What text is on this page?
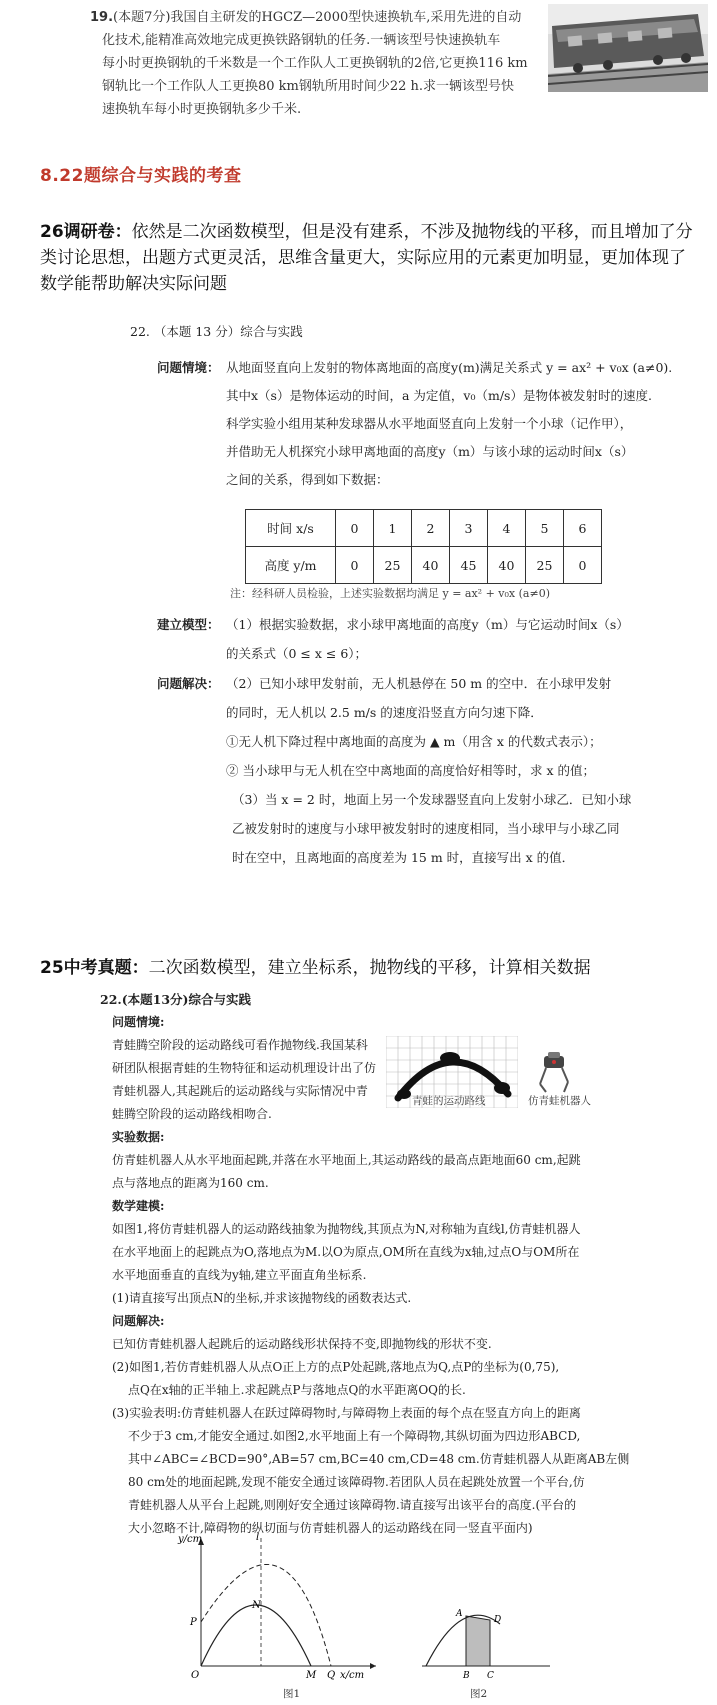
19.(本题7分)我国自主研发的HGCZ—2000型快速换轨车,采用先进的自动
化技术,能精准高效地完成更换铁路钢轨的任务.一辆该型号快速换轨车
每小时更换钢轨的千米数是一个工作队人工更换钢轨的2倍,它更换116 km
钢轨比一个工作队人工更换80 km钢轨所用时间少22 h.求一辆该型号快
速换轨车每小时更换钢轨多少千米.
8.22题综合与实践的考查
26调研卷：依然是二次函数模型，但是没有建系，不涉及抛物线的平移，而且增加了分
类讨论思想，出题方式更灵活，思维含量更大，实际应用的元素更加明显，更加体现了
数学能帮助解决实际问题
22. （本题 13 分）综合与实践
问题情境： 从地面竖直向上发射的物体离地面的高度y(m)满足关系式 y = ax² + v₀x (a≠0).
其中x（s）是物体运动的时间，a 为定值，v₀（m/s）是物体被发射时的速度.
科学实验小组用某种发球器从水平地面竖直向上发射一个小球（记作甲），
并借助无人机探究小球甲离地面的高度y（m）与该小球的运动时间x（s）
之间的关系，得到如下数据：
注：经科研人员检验，上述实验数据均满足 y = ax² + v₀x (a≠0)
建立模型： （1）根据实验数据，求小球甲离地面的高度y（m）与它运动时间x（s）
的关系式（0 ≤ x ≤ 6）；
问题解决： （2）已知小球甲发射前，无人机悬停在 50 m 的空中．在小球甲发射
的同时，无人机以 2.5 m/s 的速度沿竖直方向匀速下降．
①无人机下降过程中离地面的高度为 ▲ m（用含 x 的代数式表示）；
② 当小球甲与无人机在空中离地面的高度恰好相等时，求 x 的值；
（3）当 x = 2 时，地面上另一个发球器竖直向上发射小球乙．已知小球
乙被发射时的速度与小球甲被发射时的速度相同，当小球甲与小球乙同
时在空中，且离地面的高度差为 15 m 时，直接写出 x 的值．
时间 x/s	0	1	2	3	4	5	6
高度 y/m	0	25	40	45	40	25	0
25中考真题：二次函数模型，建立坐标系，抛物线的平移，计算相关数据
22.(本题13分)综合与实践
问题情境:
青蛙腾空阶段的运动路线可看作抛物线.我国某科
研团队根据青蛙的生物特征和运动机理设计出了仿
青蛙机器人,其起跳后的运动路线与实际情况中青
蛙腾空阶段的运动路线相吻合.
青蛙的运动路线	仿青蛙机器人
实验数据:
仿青蛙机器人从水平地面起跳,并落在水平地面上,其运动路线的最高点距地面60 cm,起跳
点与落地点的距离为160 cm.
数学建模:
如图1,将仿青蛙机器人的运动路线抽象为抛物线,其顶点为N,对称轴为直线l,仿青蛙机器人
在水平地面上的起跳点为O,落地点为M.以O为原点,OM所在直线为x轴,过点O与OM所在
水平地面垂直的直线为y轴,建立平面直角坐标系.
(1)请直接写出顶点N的坐标,并求该抛物线的函数表达式.
问题解决:
已知仿青蛙机器人起跳后的运动路线形状保持不变,即抛物线的形状不变.
(2)如图1,若仿青蛙机器人从点O正上方的点P处起跳,落地点为Q,点P的坐标为(0,75),
点Q在x轴的正半轴上.求起跳点P与落地点Q的水平距离OQ的长.
(3)实验表明:仿青蛙机器人在跃过障碍物时,与障碍物上表面的每个点在竖直方向上的距离
不少于3 cm,才能安全通过.如图2,水平地面上有一个障碍物,其纵切面为四边形ABCD,
其中∠ABC=∠BCD=90°,AB=57 cm,BC=40 cm,CD=48 cm.仿青蛙机器人从距离AB左侧
80 cm处的地面起跳,发现不能安全通过该障碍物.若团队人员在起跳处放置一个平台,仿
青蛙机器人从平台上起跳,则刚好安全通过该障碍物.请直接写出该平台的高度.(平台的
大小忽略不计,障碍物的纵切面与仿青蛙机器人的运动路线在同一竖直平面内)
y/cm
x/cm
l
P
N
O	M Q
图1
A
D
B C
图2
